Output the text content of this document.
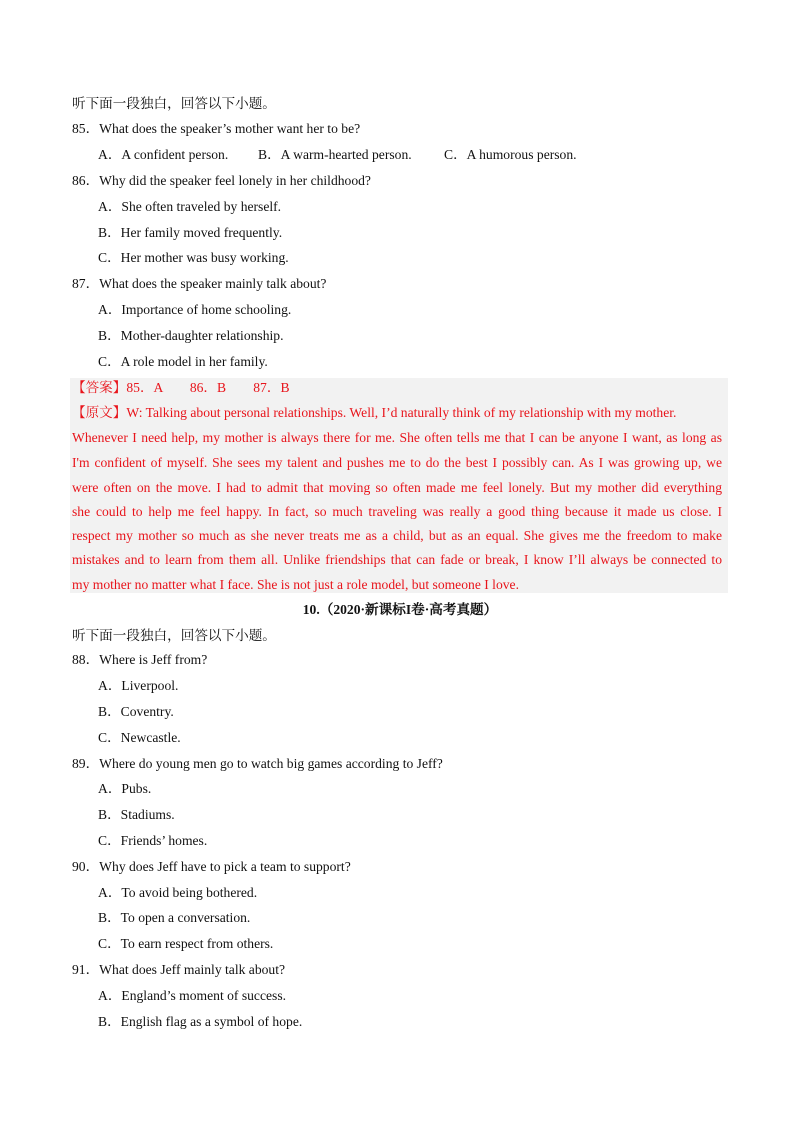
听下面一段独白，回答以下小题。
85．What does the speaker’s mother want her to be?
A．A confident person. B．A warm-hearted person. C．A humorous person.
86．Why did the speaker feel lonely in her childhood?
A．She often traveled by herself.
B．Her family moved frequently.
C．Her mother was busy working.
87．What does the speaker mainly talk about?
A．Importance of home schooling.
B．Mother-daughter relationship.
C．A role model in her family.
【答案】85．A　　86．B　　87．B
【原文】W: Talking about personal relationships. Well, I’d naturally think of my relationship with my mother.
Whenever I need help, my mother is always there for me. She often tells me that I can be anyone I want, as long as
I'm confident of myself. She sees my talent and pushes me to do the best I possibly can. As I was growing up, we
were often on the move. I had to admit that moving so often made me feel lonely. But my mother did everything
she could to help me feel happy. In fact, so much traveling was really a good thing because it made us close. I
respect my mother so much as she never treats me as a child, but as an equal. She gives me the freedom to make
mistakes and to learn from them all. Unlike friendships that can fade or break, I know I’ll always be connected to
my mother no matter what I face. She is not just a role model, but someone I love.
10.（2020·新课标I卷·高考真题）
听下面一段独白，回答以下小题。
88．Where is Jeff from?
A．Liverpool.
B．Coventry.
C．Newcastle.
89．Where do young men go to watch big games according to Jeff?
A．Pubs.
B．Stadiums.
C．Friends’ homes.
90．Why does Jeff have to pick a team to support?
A．To avoid being bothered.
B．To open a conversation.
C．To earn respect from others.
91．What does Jeff mainly talk about?
A．England’s moment of success.
B．English flag as a symbol of hope.
